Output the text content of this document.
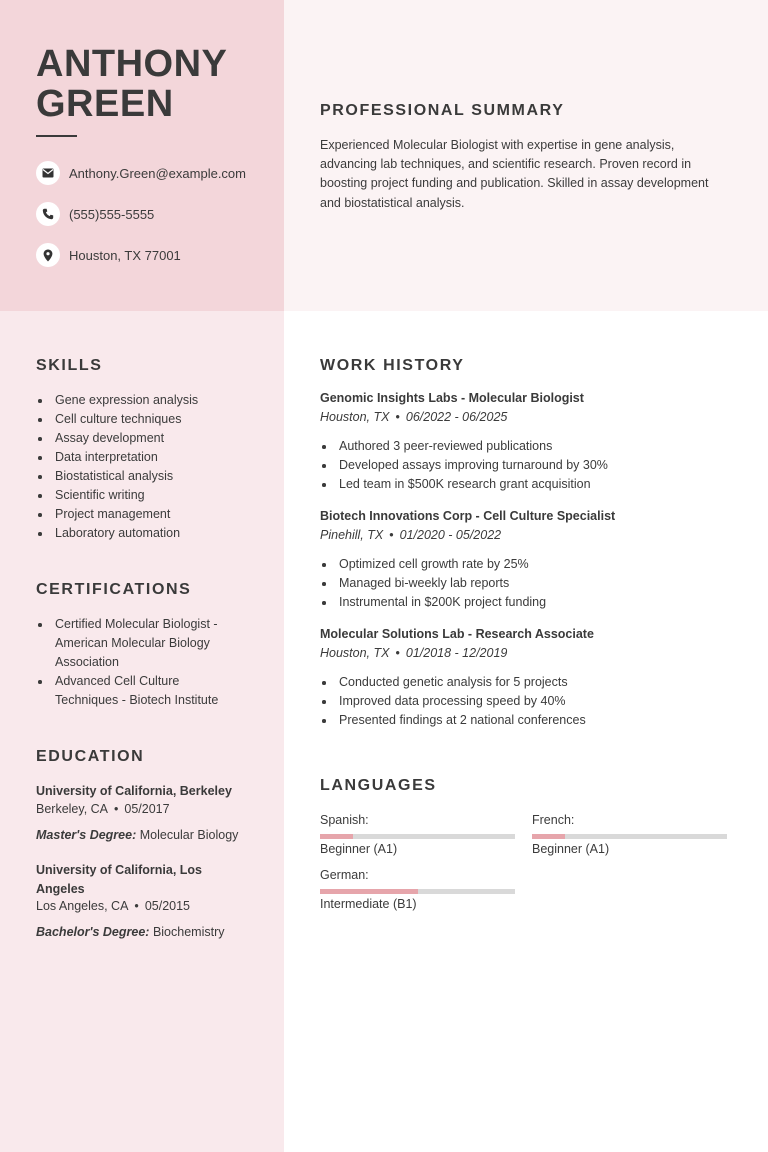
ANTHONY
GREEN
Anthony.Green@example.com
(555)555-5555
Houston, TX 77001
PROFESSIONAL SUMMARY
Experienced Molecular Biologist with expertise in gene analysis, advancing lab techniques, and scientific research. Proven record in boosting project funding and publication. Skilled in assay development and biostatistical analysis.
SKILLS
Gene expression analysis
Cell culture techniques
Assay development
Data interpretation
Biostatistical analysis
Scientific writing
Project management
Laboratory automation
CERTIFICATIONS
Certified Molecular Biologist - American Molecular Biology Association
Advanced Cell Culture Techniques - Biotech Institute
EDUCATION
University of California, Berkeley
Berkeley, CA • 05/2017
Master's Degree: Molecular Biology
University of California, Los Angeles
Los Angeles, CA • 05/2015
Bachelor's Degree: Biochemistry
WORK HISTORY
Genomic Insights Labs - Molecular Biologist
Houston, TX • 06/2022 - 06/2025
Authored 3 peer-reviewed publications
Developed assays improving turnaround by 30%
Led team in $500K research grant acquisition
Biotech Innovations Corp - Cell Culture Specialist
Pinehill, TX • 01/2020 - 05/2022
Optimized cell growth rate by 25%
Managed bi-weekly lab reports
Instrumental in $200K project funding
Molecular Solutions Lab - Research Associate
Houston, TX • 01/2018 - 12/2019
Conducted genetic analysis for 5 projects
Improved data processing speed by 40%
Presented findings at 2 national conferences
LANGUAGES
Spanish:
Beginner (A1)
French:
Beginner (A1)
German:
Intermediate (B1)
